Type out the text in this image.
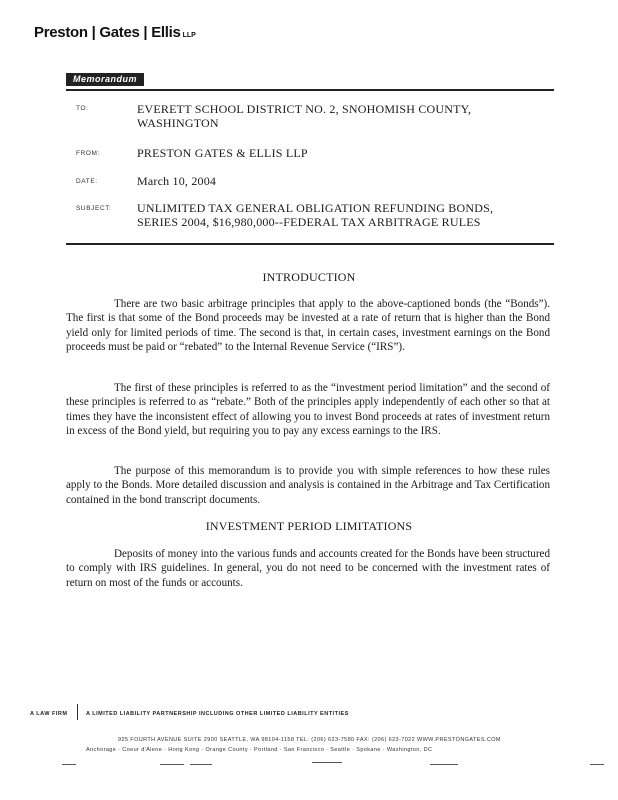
Preston | Gates | Ellis LLP
Memorandum
TO:	EVERETT SCHOOL DISTRICT NO. 2, SNOHOMISH COUNTY,
WASHINGTON
FROM:	PRESTON GATES & ELLIS LLP
DATE:	March 10, 2004
SUBJECT: UNLIMITED TAX GENERAL OBLIGATION REFUNDING BONDS,
SERIES 2004, $16,980,000--FEDERAL TAX ARBITRAGE RULES
INTRODUCTION

There are two basic arbitrage principles that apply to the above-captioned bonds (the “Bonds”). The first is that some of the Bond proceeds may be invested at a rate of return that is higher than the Bond yield only for limited periods of time. The second is that, in certain cases, investment earnings on the Bond proceeds must be paid or “rebated” to the Internal Revenue Service (“IRS”).

The first of these principles is referred to as the “investment period limitation” and the second of these principles is referred to as “rebate.” Both of the principles apply independently of each other so that at times they have the inconsistent effect of allowing you to invest Bond proceeds at rates of investment return in excess of the Bond yield, but requiring you to pay any excess earnings to the IRS.

The purpose of this memorandum is to provide you with simple references to how these rules apply to the Bonds. More detailed discussion and analysis is contained in the Arbitrage and Tax Certification contained in the bond transcript documents.

INVESTMENT PERIOD LIMITATIONS

Deposits of money into the various funds and accounts created for the Bonds have been structured to comply with IRS guidelines. In general, you do not need to be concerned with the investment rates of return on most of the funds or accounts.

A LAW FIRM	A LIMITED LIABILITY PARTNERSHIP INCLUDING OTHER LIMITED LIABILITY ENTITIES
925 FOURTH AVENUE SUITE 2900 SEATTLE, WA 98104-1158 TEL: (206) 623-7580 FAX: (206) 623-7022 WWW.PRESTONGATES.COM
Anchorage · Coeur d'Alene · Hong Kong · Orange County · Portland · San Francisco · Seattle · Spokane · Washington, DC
